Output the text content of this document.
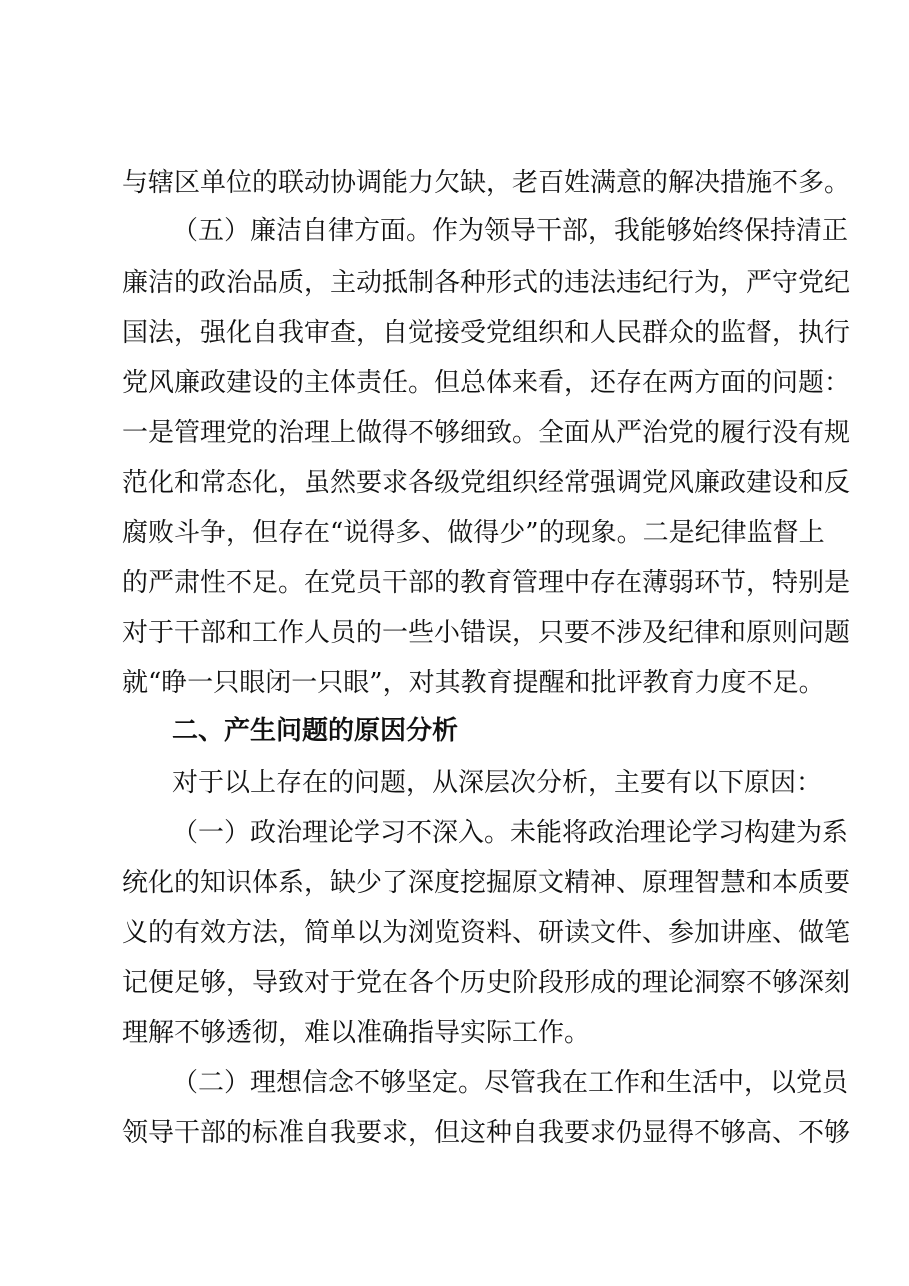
与辖区单位的联动协调能力欠缺，老百姓满意的解决措施不多。
（五）廉洁自律方面。作为领导干部，我能够始终保持清正
廉洁的政治品质，主动抵制各种形式的违法违纪行为，严守党纪
国法，强化自我审查，自觉接受党组织和人民群众的监督，执行
党风廉政建设的主体责任。但总体来看，还存在两方面的问题：
一是管理党的治理上做得不够细致。全面从严治党的履行没有规
范化和常态化，虽然要求各级党组织经常强调党风廉政建设和反
腐败斗争，但存在“说得多、做得少”的现象。二是纪律监督上
的严肃性不足。在党员干部的教育管理中存在薄弱环节，特别是
对于干部和工作人员的一些小错误，只要不涉及纪律和原则问题
就“睁一只眼闭一只眼”，对其教育提醒和批评教育力度不足。
二、产生问题的原因分析
对于以上存在的问题，从深层次分析，主要有以下原因：
（一）政治理论学习不深入。未能将政治理论学习构建为系
统化的知识体系，缺少了深度挖掘原文精神、原理智慧和本质要
义的有效方法，简单以为浏览资料、研读文件、参加讲座、做笔
记便足够，导致对于党在各个历史阶段形成的理论洞察不够深刻
理解不够透彻，难以准确指导实际工作。
（二）理想信念不够坚定。尽管我在工作和生活中，以党员
领导干部的标准自我要求，但这种自我要求仍显得不够高、不够
